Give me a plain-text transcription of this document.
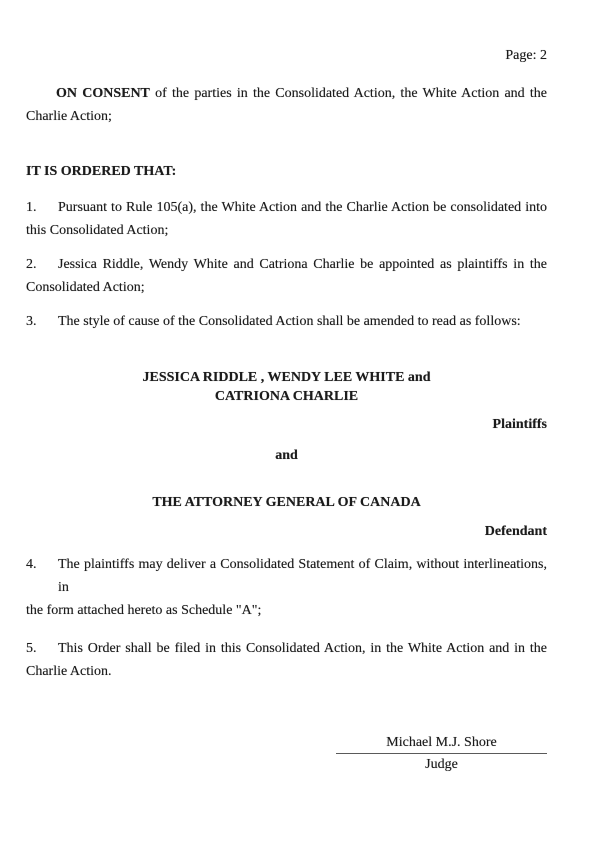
Page: 2
ON CONSENT of the parties in the Consolidated Action, the White Action and the
Charlie Action;
IT IS ORDERED THAT:
1. Pursuant to Rule 105(a), the White Action and the Charlie Action be consolidated into
this Consolidated Action;
2. Jessica Riddle, Wendy White and Catriona Charlie be appointed as plaintiffs in the
Consolidated Action;
3. The style of cause of the Consolidated Action shall be amended to read as follows:
JESSICA RIDDLE , WENDY LEE WHITE and
CATRIONA CHARLIE
Plaintiffs
and
THE ATTORNEY GENERAL OF CANADA
Defendant
4. The plaintiffs may deliver a Consolidated Statement of Claim, without interlineations, in
the form attached hereto as Schedule "A";
5. This Order shall be filed in this Consolidated Action, in the White Action and in the
Charlie Action.
Michael M.J. Shore
Judge
